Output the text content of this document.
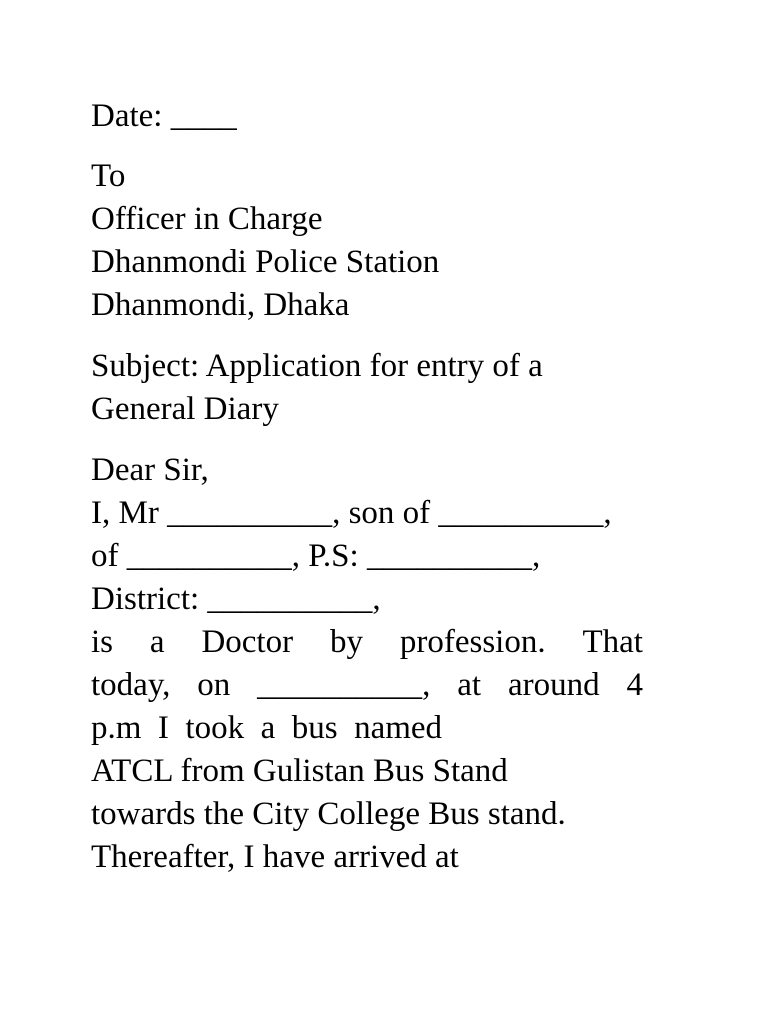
Date: ____
To
Officer in Charge
Dhanmondi Police Station
Dhanmondi, Dhaka
Subject: Application for entry of a
General Diary
Dear Sir,
I, Mr __________, son of __________,
of __________, P.S: __________,
District: __________,
is a Doctor by profession. That
today, on __________, at around 4
p.m  I  took  a  bus  named
ATCL from Gulistan Bus Stand
towards the City College Bus stand.
Thereafter, I have arrived at
